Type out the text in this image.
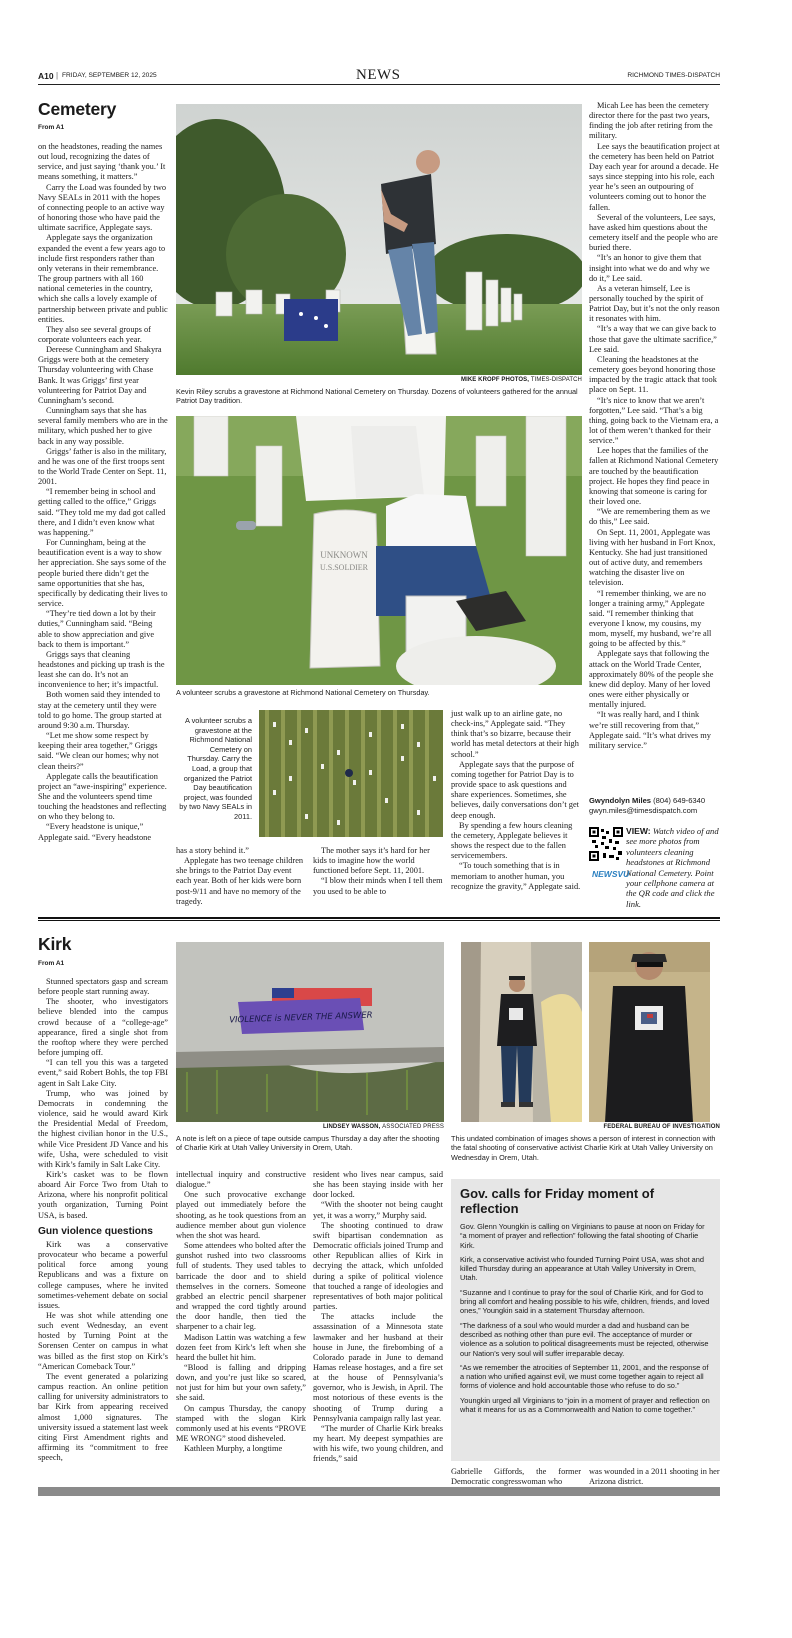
A10 | FRIDAY, SEPTEMBER 12, 2025	NEWS	RICHMOND TIMES-DISPATCH
Cemetery
From A1

on the headstones, reading the names out loud, recognizing the dates of service, and just saying ‘thank you.’ It means something, it matters.”

Carry the Load was founded by two Navy SEALs in 2011 with the hopes of connecting people to an active way of honoring those who have paid the ultimate sacrifice, Applegate says.

Applegate says the organization expanded the event a few years ago to include first responders rather than only veterans in their remembrance. The group partners with all 160 national cemeteries in the country, which she calls a lovely example of partnership between private and public entities.

They also see several groups of corporate volunteers each year.

Dereese Cunningham and Shakyra Griggs were both at the cemetery Thursday volunteering with Chase Bank. It was Griggs’ first year volunteering for Patriot Day and Cunningham’s second.

Cunningham says that she has several family members who are in the military, which pushed her to give back in any way possible.

Griggs’ father is also in the military, and he was one of the first troops sent to the World Trade Center on Sept. 11, 2001.

“I remember being in school and getting called to the office,” Griggs said. “They told me my dad got called there, and I didn’t even know what was happening.”

For Cunningham, being at the beautification event is a way to show her appreciation. She says some of the people buried there didn’t get the same opportunities that she has, specifically by dedicating their lives to service.

“They’re tied down a lot by their duties,” Cunningham said. “Being able to show appreciation and give back to them is important.”

Griggs says that cleaning headstones and picking up trash is the least she can do. It’s not an inconvenience to her; it’s impactful.

Both women said they intended to stay at the cemetery until they were told to go home. The group started at around 9:30 a.m. Thursday.

“Let me show some respect by keeping their area together,” Griggs said. “We clean our homes; why not clean theirs?”

Applegate calls the beautification project an “awe-inspiring” experience. She and the volunteers spend time touching the headstones and reflecting on who they belong to.

“Every headstone is unique,” Applegate said. “Every headstone

MIKE KROPF PHOTOS, TIMES-DISPATCH
Kevin Riley scrubs a gravestone at Richmond National Cemetery on Thursday. Dozens of volunteers gathered for the annual Patriot Day tradition.
UNKNOWN
U.S.SOLDIER
A volunteer scrubs a gravestone at Richmond National Cemetery on Thursday.
A volunteer scrubs a gravestone at the Richmond National Cemetery on Thursday. Carry the Load, a group that organized the Patriot Day beautification project, was founded by two Navy SEALs in 2011.

has a story behind it.”

Applegate has two teenage children she brings to the Patriot Day event each year. Both of her kids were born post-9/11 and have no memory of the tragedy.

The mother says it’s hard for her kids to imagine how the world functioned before Sept. 11, 2001.

“I blow their minds when I tell them you used to be able to

just walk up to an airline gate, no check-ins,” Applegate said. “They think that’s so bizarre, because their world has metal detectors at their high school.”

Applegate says that the purpose of coming together for Patriot Day is to provide space to ask questions and share experiences. Sometimes, she believes, daily conversations don’t get deep enough.

By spending a few hours cleaning the cemetery, Applegate believes it shows the respect due to the fallen servicemembers.

“To touch something that is in memoriam to another human, you recognize the gravity,” Applegate said.

Micah Lee has been the cemetery director there for the past two years, finding the job after retiring from the military.

Lee says the beautification project at the cemetery has been held on Patriot Day each year for around a decade. He says since stepping into his role, each year he’s seen an outpouring of volunteers coming out to honor the fallen.

Several of the volunteers, Lee says, have asked him questions about the cemetery itself and the people who are buried there.

“It’s an honor to give them that insight into what we do and why we do it,” Lee said.

As a veteran himself, Lee is personally touched by the spirit of Patriot Day, but it’s not the only reason it resonates with him.

“It’s a way that we can give back to those that gave the ultimate sacrifice,” Lee said.

Cleaning the headstones at the cemetery goes beyond honoring those impacted by the tragic attack that took place on Sept. 11.

“It’s nice to know that we aren’t forgotten,” Lee said. “That’s a big thing, going back to the Vietnam era, a lot of them weren’t thanked for their service.”

Lee hopes that the families of the fallen at Richmond National Cemetery are touched by the beautification project. He hopes they find peace in knowing that someone is caring for their loved one.

“We are remembering them as we do this,” Lee said.

On Sept. 11, 2001, Applegate was living with her husband in Fort Knox, Kentucky. She had just transitioned out of active duty, and remembers watching the disaster live on television.

“I remember thinking, we are no longer a training army,” Applegate said. “I remember thinking that everyone I know, my cousins, my mom, myself, my husband, we’re all going to be affected by this.”

Applegate says that following the attack on the World Trade Center, approximately 80% of the people she knew did deploy. Many of her loved ones were either physically or mentally injured.

“It was really hard, and I think we’re still recovering from that,” Applegate said. “It’s what drives my military service.”

Gwyndolyn Miles (804) 649-6340
gwyn.miles@timesdispatch.com
VIEW: Watch video of and see more photos from volunteers cleaning headstones at Richmond National Cemetery. Point your cellphone camera at the QR code and click the link.
NEWSVU
Kirk
From A1

Stunned spectators gasp and scream before people start running away.

The shooter, who investigators believe blended into the campus crowd because of a “college-age” appearance, fired a single shot from the rooftop where they were perched before jumping off.

“I can tell you this was a targeted event,” said Robert Bohls, the top FBI agent in Salt Lake City.

Trump, who was joined by Democrats in condemning the violence, said he would award Kirk the Presidential Medal of Freedom, the highest civilian honor in the U.S., while Vice President JD Vance and his wife, Usha, were scheduled to visit with Kirk’s family in Salt Lake City.

Kirk’s casket was to be flown aboard Air Force Two from Utah to Arizona, where his nonprofit political youth organization, Turning Point USA, is based.

Gun violence questions

Kirk was a conservative provocateur who became a powerful political force among young Republicans and was a fixture on college campuses, where he invited sometimes-vehement debate on social issues.

He was shot while attending one such event Wednesday, an event hosted by Turning Point at the Sorensen Center on campus in what was billed as the first stop on Kirk’s “American Comeback Tour.”

The event generated a polarizing campus reaction. An online petition calling for university administrators to bar Kirk from appearing received almost 1,000 signatures. The university issued a statement last week citing First Amendment rights and affirming its “commitment to free speech,

VIOLENCE is NEVER THE ANSWER
LINDSEY WASSON, ASSOCIATED PRESS
A note is left on a piece of tape outside campus Thursday a day after the shooting of Charlie Kirk at Utah Valley University in Orem, Utah.
FEDERAL BUREAU OF INVESTIGATION
This undated combination of images shows a person of interest in connection with the fatal shooting of conservative activist Charlie Kirk at Utah Valley University on Wednesday in Orem, Utah.

intellectual inquiry and constructive dialogue.”

One such provocative exchange played out immediately before the shooting, as he took questions from an audience member about gun violence when the shot was heard.

Some attendees who bolted after the gunshot rushed into two classrooms full of students. They used tables to barricade the door and to shield themselves in the corners. Someone grabbed an electric pencil sharpener and wrapped the cord tightly around the door handle, then tied the sharpener to a chair leg.

Madison Lattin was watching a few dozen feet from Kirk’s left when she heard the bullet hit him.

“Blood is falling and dripping down, and you’re just like so scared, not just for him but your own safety,” she said.

On campus Thursday, the canopy stamped with the slogan Kirk commonly used at his events “PROVE ME WRONG” stood disheveled.

Kathleen Murphy, a longtime

resident who lives near campus, said she has been staying inside with her door locked.

“With the shooter not being caught yet, it was a worry,” Murphy said.

The shooting continued to draw swift bipartisan condemnation as Democratic officials joined Trump and other Republican allies of Kirk in decrying the attack, which unfolded during a spike of political violence that touched a range of ideologies and representatives of both major political parties.

The attacks include the assassination of a Minnesota state lawmaker and her husband at their house in June, the firebombing of a Colorado parade in June to demand Hamas release hostages, and a fire set at the house of Pennsylvania’s governor, who is Jewish, in April. The most notorious of these events is the shooting of Trump during a Pennsylvania campaign rally last year.

“The murder of Charlie Kirk breaks my heart. My deepest sympathies are with his wife, two young children, and friends,” said

Gov. calls for Friday moment of reflection

Gov. Glenn Youngkin is calling on Virginians to pause at noon on Friday for “a moment of prayer and reflection” following the fatal shooting of Charlie Kirk.

Kirk, a conservative activist who founded Turning Point USA, was shot and killed Thursday during an appearance at Utah Valley University in Orem, Utah.

“Suzanne and I continue to pray for the soul of Charlie Kirk, and for God to bring all comfort and healing possible to his wife, children, friends, and loved ones,” Youngkin said in a statement Thursday afternoon.

“The darkness of a soul who would murder a dad and husband can be described as nothing other than pure evil. The acceptance of murder or violence as a solution to political disagreements must be rejected, otherwise our Nation’s very soul will suffer irreparable decay.

“As we remember the atrocities of September 11, 2001, and the response of a nation who unified against evil, we must come together again to reject all forms of violence and hold accountable those who refuse to do so.”

Youngkin urged all Virginians to “join in a moment of prayer and reflection on what it means for us as a Commonwealth and Nation to come together.”

Gabrielle Giffords, the former Democratic congresswoman who

was wounded in a 2011 shooting in her Arizona district.
